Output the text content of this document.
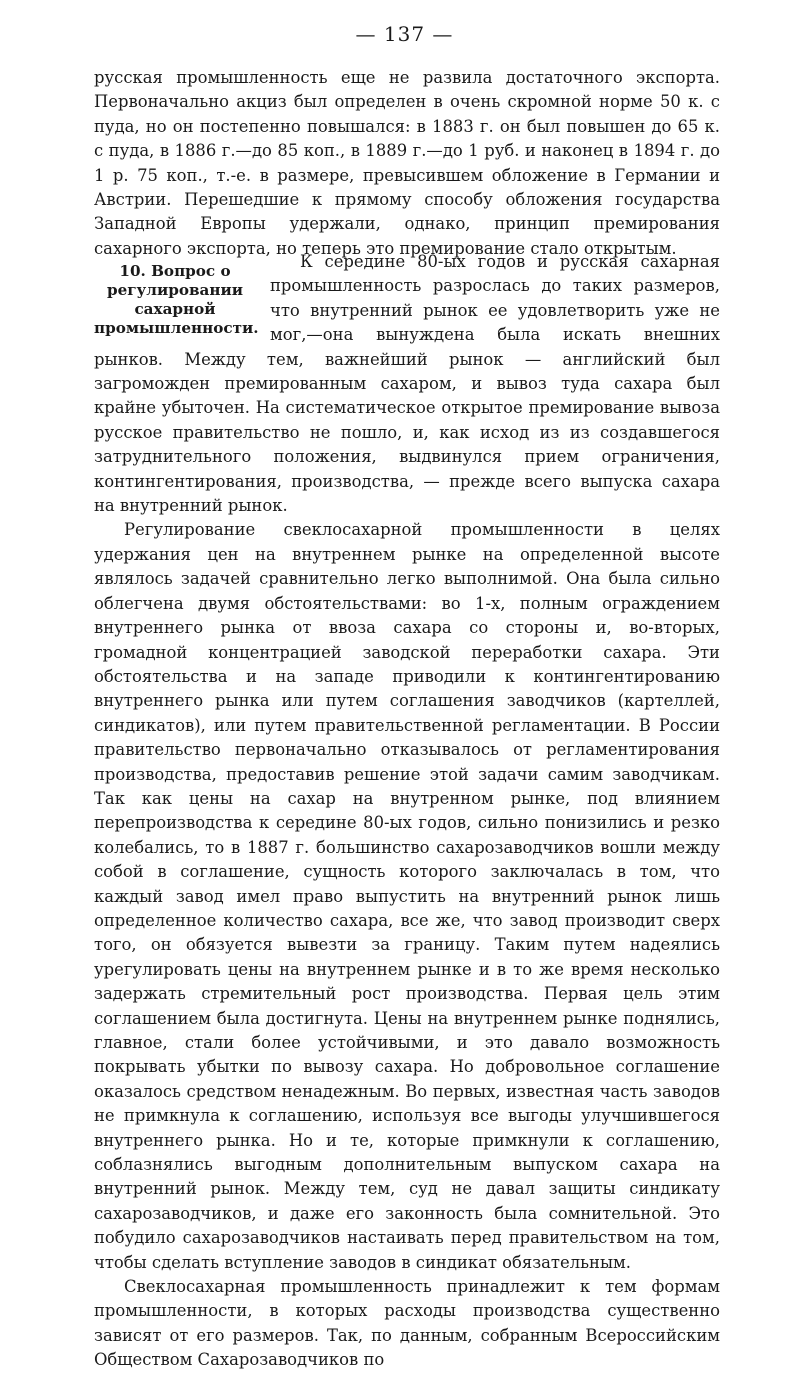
— 137 —

русская промышленность еще не развила достаточного экспорта. Первоначально акциз был определен в очень скромной норме 50 к. с пуда, но он постепенно повышался: в 1883 г. он был повышен до 65 к. с пуда, в 1886 г.—до 85 коп., в 1889 г.—до 1 руб. и наконец в 1894 г. до 1 р. 75 коп., т.-е. в размере, превысившем обложение в Германии и Австрии. Перешедшие к прямому способу обложения государства Западной Европы удержали, однако, принцип премирования сахарного экспорта, но теперь это премирование стало открытым.

10. Вопрос о регулировании сахарной промышленности.

К середине 80-ых годов и русская сахарная промышленность разрослась до таких размеров, что внутренний рынок ее удовлетворить уже не мог,—она вынуждена была искать внешних рынков. Между тем, важнейший рынок — английский был загроможден премированным сахаром, и вывоз туда сахара был крайне убыточен. На систематическое открытое премирование вывоза русское правительство не пошло, и, как исход из из создавшегося затруднительного положения, выдвинулся прием ограничения, контингентирования, производства, — прежде всего выпуска сахара на внутренний рынок.

Регулирование свеклосахарной промышленности в целях удержания цен на внутреннем рынке на определенной высоте являлось задачей сравнительно легко выполнимой. Она была сильно облегчена двумя обстоятельствами: во 1-х, полным ограждением внутреннего рынка от ввоза сахара со стороны и, во-вторых, громадной концентрацией заводской переработки сахара. Эти обстоятельства и на западе приводили к контингентированию внутреннего рынка или путем соглашения заводчиков (картеллей, синдикатов), или путем правительственной регламентации. В России правительство первоначально отказывалось от регламентирования производства, предоставив решение этой задачи самим заводчикам. Так как цены на сахар на внутренном рынке, под влиянием перепроизводства к середине 80-ых годов, сильно понизились и резко колебались, то в 1887 г. большинство сахарозаводчиков вошли между собой в соглашение, сущность которого заключалась в том, что каждый завод имел право выпустить на внутренний рынок лишь определенное количество сахара, все же, что завод производит сверх того, он обязуется вывезти за границу. Таким путем надеялись урегулировать цены на внутреннем рынке и в то же время несколько задержать стремительный рост производства. Первая цель этим соглашением была достигнута. Цены на внутреннем рынке поднялись, главное, стали более устойчивыми, и это давало возможность покрывать убытки по вывозу сахара. Но добровольное соглашение оказалось средством ненадежным. Во первых, известная часть заводов не примкнула к соглашению, используя все выгоды улучшившегося внутреннего рынка. Но и те, которые примкнули к соглашению, соблазнялись выгодным дополнительным выпуском сахара на внутренний рынок. Между тем, суд не давал защиты синдикату сахарозаводчиков, и даже его законность была сомнительной. Это побудило сахарозаводчиков настаивать перед правительством на том, чтобы сделать вступление заводов в синдикат обязательным.

Свеклосахарная промышленность принадлежит к тем формам промышленности, в которых расходы производства существенно зависят от его размеров. Так, по данным, собранным Всероссийским Обществом Сахарозаводчиков по
